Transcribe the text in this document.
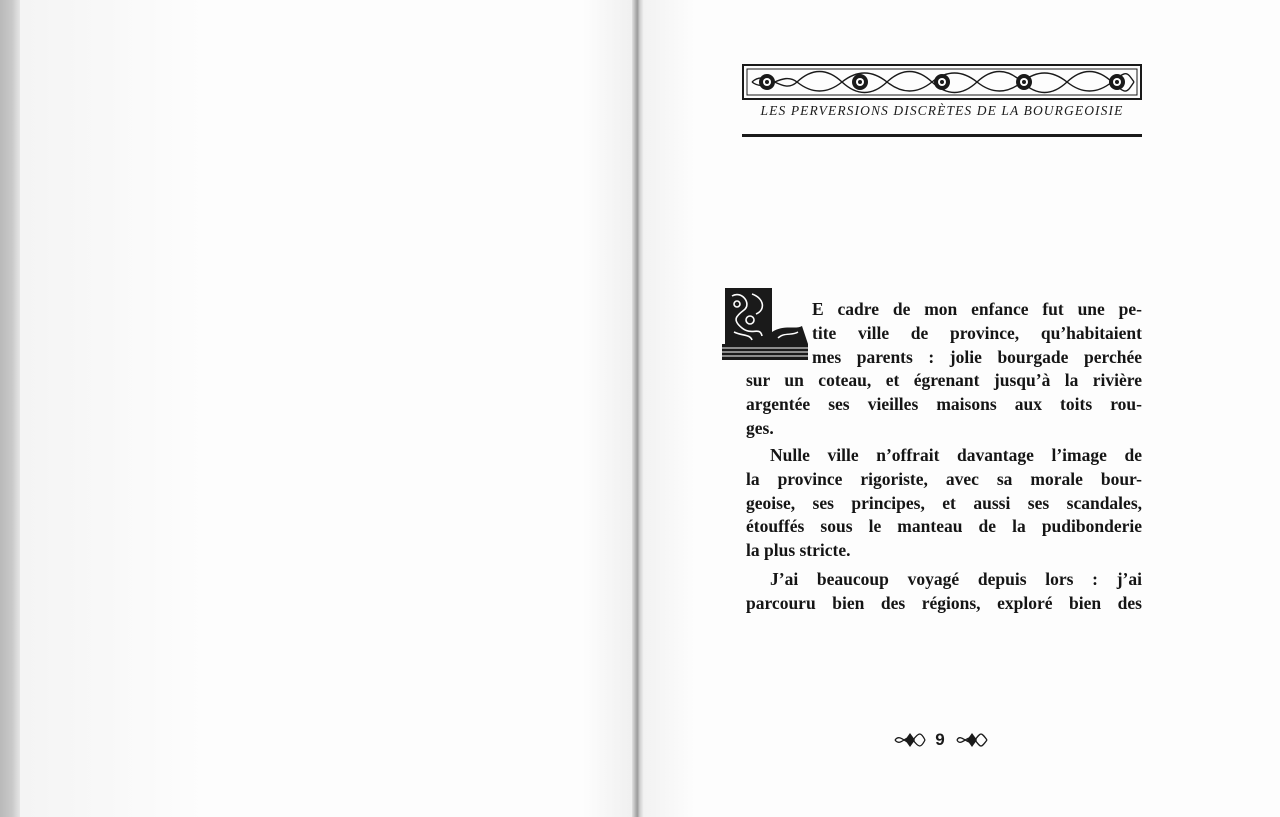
LES PERVERSIONS DISCRÈTES DE LA BOURGEOISIE
E cadre de mon enfance fut une pe-
tite ville de province, qu’habitaient
mes parents : jolie bourgade perchée
sur un coteau, et égrenant jusqu’à la rivière
argentée ses vieilles maisons aux toits rou-
ges.
Nulle ville n’offrait davantage l’image de
la province rigoriste, avec sa morale bour-
geoise, ses principes, et aussi ses scandales,
étouffés sous le manteau de la pudibonderie
la plus stricte.
J’ai beaucoup voyagé depuis lors : j’ai
parcouru bien des régions, exploré bien des
9
